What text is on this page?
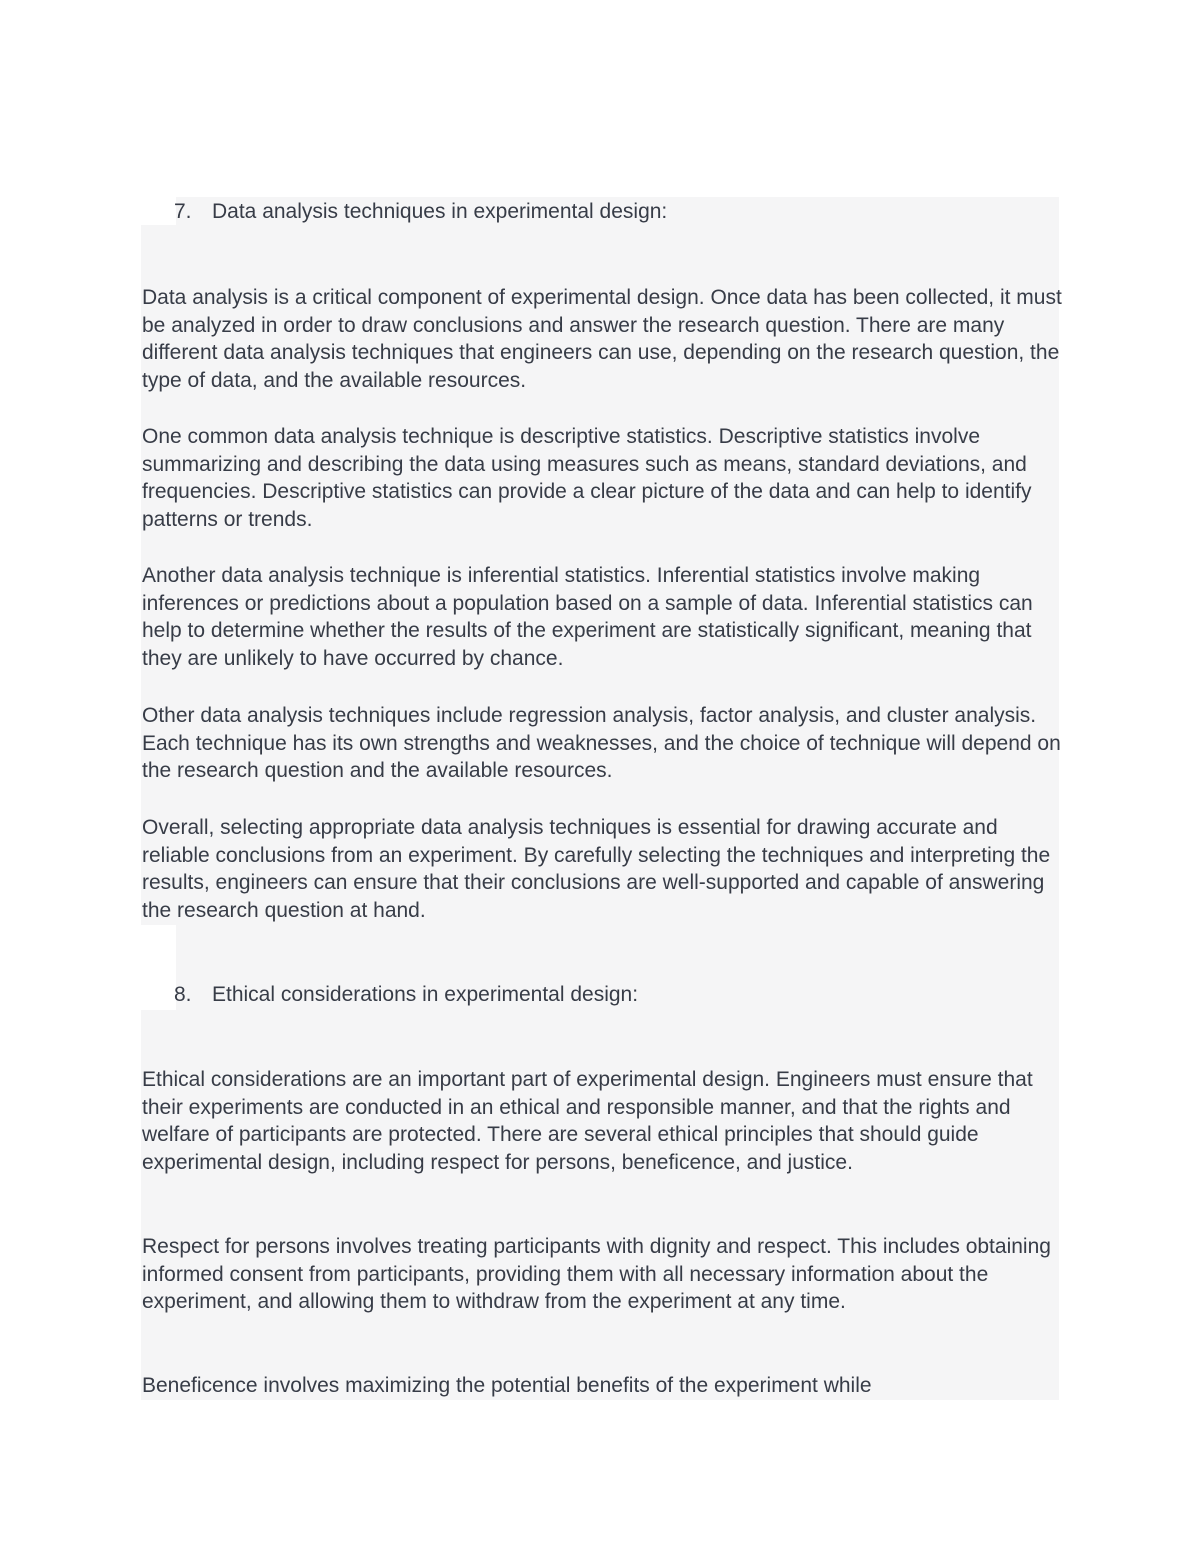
7. Data analysis techniques in experimental design:

Data analysis is a critical component of experimental design. Once data has been collected, it must be analyzed in order to draw conclusions and answer the research question. There are many different data analysis techniques that engineers can use, depending on the research question, the type of data, and the available resources.

One common data analysis technique is descriptive statistics. Descriptive statistics involve summarizing and describing the data using measures such as means, standard deviations, and frequencies. Descriptive statistics can provide a clear picture of the data and can help to identify patterns or trends.

Another data analysis technique is inferential statistics. Inferential statistics involve making inferences or predictions about a population based on a sample of data. Inferential statistics can help to determine whether the results of the experiment are statistically significant, meaning that they are unlikely to have occurred by chance.

Other data analysis techniques include regression analysis, factor analysis, and cluster analysis. Each technique has its own strengths and weaknesses, and the choice of technique will depend on the research question and the available resources.

Overall, selecting appropriate data analysis techniques is essential for drawing accurate and reliable conclusions from an experiment. By carefully selecting the techniques and interpreting the results, engineers can ensure that their conclusions are well-supported and capable of answering the research question at hand.

8. Ethical considerations in experimental design:

Ethical considerations are an important part of experimental design. Engineers must ensure that their experiments are conducted in an ethical and responsible manner, and that the rights and welfare of participants are protected. There are several ethical principles that should guide experimental design, including respect for persons, beneficence, and justice.

Respect for persons involves treating participants with dignity and respect. This includes obtaining informed consent from participants, providing them with all necessary information about the experiment, and allowing them to withdraw from the experiment at any time.

Beneficence involves maximizing the potential benefits of the experiment while
